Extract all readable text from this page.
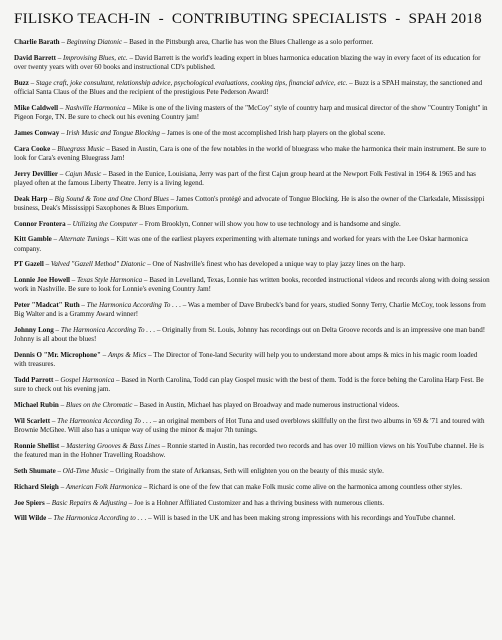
FILISKO TEACH-IN  -  CONTRIBUTING SPECIALISTS  -  SPAH 2018

Charlie Barath – Beginning Diatonic – Based in the Pittsburgh area, Charlie has won the Blues Challenge as a solo performer.

David Barrett – Improvising Blues, etc. – David Barrett is the world's leading expert in blues harmonica education blazing the way in every facet of its education for over twenty years with over 60 books and instructional CD's published.

Buzz – Stage craft, joke consultant, relationship advice, psychological evaluations, cooking tips, financial advice, etc. – Buzz is a SPAH mainstay, the sanctioned and official Santa Claus of the Blues and the recipient of the prestigious Pete Pederson Award!

Mike Caldwell – Nashville Harmonica – Mike is one of the living masters of the "McCoy" style of country harp and musical director of the show "Country Tonight" in Pigeon Forge, TN. Be sure to check out his evening Country jam!

James Conway – Irish Music and Tongue Blocking – James is one of the most accomplished Irish harp players on the global scene.

Cara Cooke – Bluegrass Music – Based in Austin, Cara is one of the few notables in the world of bluegrass who make the harmonica their main instrument. Be sure to look for Cara's evening Bluegrass Jam!

Jerry Devillier – Cajun Music – Based in the Eunice, Louisiana, Jerry was part of the first Cajun group heard at the Newport Folk Festival in 1964 & 1965 and has played often at the famous Liberty Theatre. Jerry is a living legend.

Deak Harp – Big Sound & Tone and One Chord Blues – James Cotton's protégé and advocate of Tongue Blocking. He is also the owner of the Clarksdale, Mississippi business, Deak's Mississippi Saxophones & Blues Emporium.

Connor Frontera – Utilizing the Computer – From Brooklyn, Conner will show you how to use technology and is handsome and single.

Kitt Gamble – Alternate Tunings – Kitt was one of the earliest players experimenting with alternate tunings and worked for years with the Lee Oskar harmonica company.

PT Gazell – Valved "Gazell Method" Diatonic – One of Nashville's finest who has developed a unique way to play jazzy lines on the harp.

Lonnie Joe Howell – Texas Style Harmonica – Based in Levelland, Texas, Lonnie has written books, recorded instructional videos and records along with doing session work in Nashville. Be sure to look for Lonnie's evening Country Jam!

Peter "Madcat" Ruth – The Harmonica According To . . . – Was a member of Dave Brubeck's band for years, studied Sonny Terry, Charlie McCoy, took lessons from Big Walter and is a Grammy Award winner!

Johnny Long – The Harmonica According To . . . – Originally from St. Louis, Johnny has recordings out on Delta Groove records and is an impressive one man band! Johnny is all about the blues!

Dennis O "Mr. Microphone" – Amps & Mics – The Director of Tone-land Security will help you to understand more about amps & mics in his magic room loaded with treasures.

Todd Parrott – Gospel Harmonica – Based in North Carolina, Todd can play Gospel music with the best of them. Todd is the force behing the Carolina Harp Fest. Be sure to check out his evening jam.

Michael Rubin – Blues on the Chromatic – Based in Austin, Michael has played on Broadway and made numerous instructional videos.

Wil Scarlett – The Harmonica According To . . . – an original members of Hot Tuna and used overblows skillfully on the first two albums in '69 & '71 and toured with Brownie McGhee. Will also has a unique way of using the minor & major 7th tunings.

Ronnie Shellist – Mastering Grooves & Bass Lines – Ronnie started in Austin, has recorded two records and has over 10 million views on his YouTube channel. He is the featured man in the Hohner Travelling Roadshow.

Seth Shumate – Old-Time Music – Originally from the state of Arkansas, Seth will enlighten you on the beauty of this music style.

Richard Sleigh – American Folk Harmonica – Richard is one of the few that can make Folk music come alive on the harmonica among countless other styles.

Joe Spiers – Basic Repairs & Adjusting – Joe is a Hohner Affiliated Customizer and has a thriving business with numerous clients.

Will Wilde – The Harmonica According to . . . – Will is based in the UK and has been making strong impressions with his recordings and YouTube channel.
